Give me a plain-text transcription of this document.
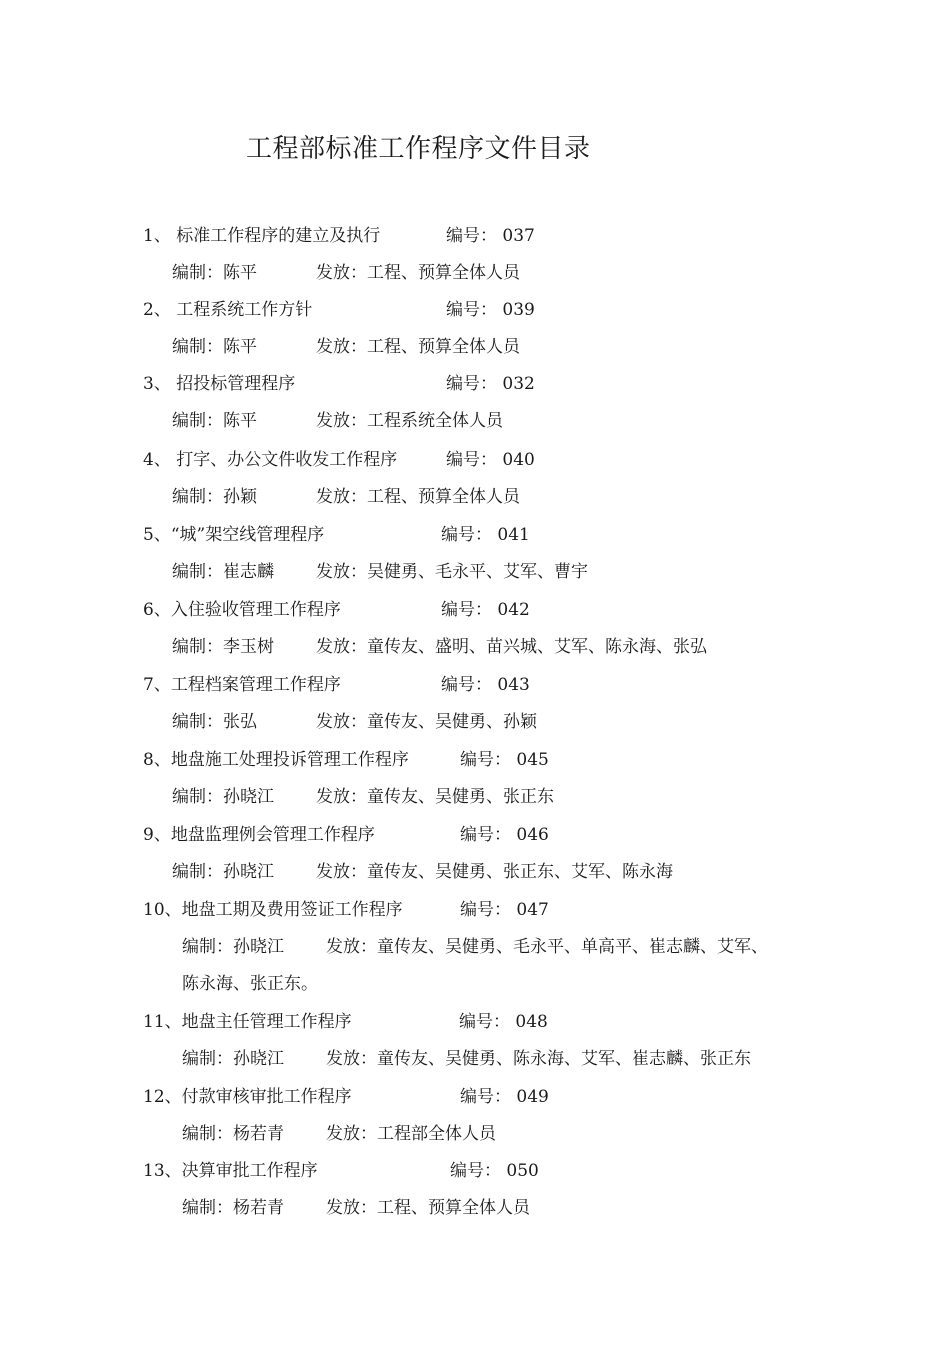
工程部标准工作程序文件目录
1、 标准工作程序的建立及执行	编号： 037
编制：陈平	发放：工程、预算全体人员
2、 工程系统工作方针	编号： 039
编制：陈平	发放：工程、预算全体人员
3、 招投标管理程序	编号： 032
编制：陈平	发放：工程系统全体人员
4、 打字、办公文件收发工作程序	编号： 040
编制：孙颖	发放：工程、预算全体人员
5、“城”架空线管理程序	编号： 041
编制：崔志麟 发放：吴健勇、毛永平、艾军、曹宇
6、入住验收管理工作程序	编号： 042
编制：李玉树 发放：童传友、盛明、苗兴城、艾军、陈永海、张弘
7、工程档案管理工作程序	编号： 043
编制：张弘	发放：童传友、吴健勇、孙颖
8、地盘施工处理投诉管理工作程序	编号： 045
编制：孙晓江 发放：童传友、吴健勇、张正东
9、地盘监理例会管理工作程序	编号： 046
编制：孙晓江 发放：童传友、吴健勇、张正东、艾军、陈永海
10、地盘工期及费用签证工作程序	编号： 047
编制：孙晓江 发放：童传友、吴健勇、毛永平、单高平、崔志麟、艾军、
陈永海、张正东。
11、地盘主任管理工作程序	编号： 048
编制：孙晓江 发放：童传友、吴健勇、陈永海、艾军、崔志麟、张正东
12、付款审核审批工作程序	编号： 049
编制：杨若青 发放：工程部全体人员
13、决算审批工作程序	编号： 050
编制：杨若青 发放：工程、预算全体人员
